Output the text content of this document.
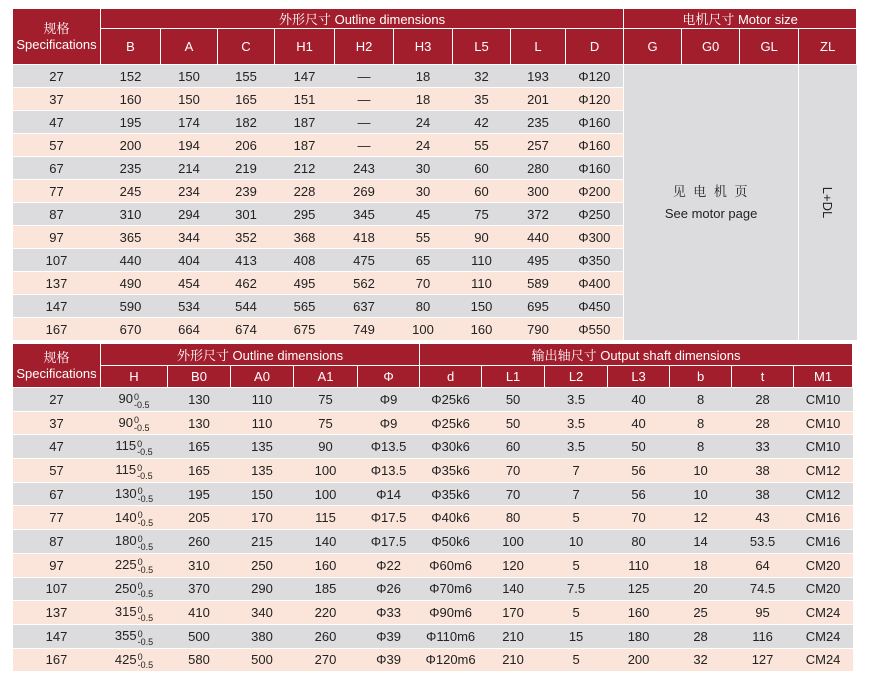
规格
Specifications	外形尺寸 Outline dimensions									电机尺寸 Motor size			
	B	A	C	H1	H2	H3	L5	L	D	G	G0	GL	ZL
27	152	150	155	147	—	18	32	193	Φ120	见 电 机 页
See motor page			L+DL
37	160	150	165	151	—	18	35	201	Φ120				
47	195	174	182	187	—	24	42	235	Φ160				
57	200	194	206	187	—	24	55	257	Φ160				
67	235	214	219	212	243	30	60	280	Φ160				
77	245	234	239	228	269	30	60	300	Φ200				
87	310	294	301	295	345	45	75	372	Φ250				
97	365	344	352	368	418	55	90	440	Φ300				
107	440	404	413	408	475	65	110	495	Φ350				
137	490	454	462	495	562	70	110	589	Φ400				
147	590	534	544	565	637	80	150	695	Φ450				
167	670	664	674	675	749	100	160	790	Φ550				
规格
Specifications	外形尺寸 Outline dimensions					输出轴尺寸 Output shaft dimensions						
	H	B0	A0	A1	Φ	d	L1	L2	L3	b	t	M1
27	90 0
-0.5	130	110	75	Φ9	Φ25k6	50	3.5	40	8	28	CM10
37	90 0
-0.5	130	110	75	Φ9	Φ25k6	50	3.5	40	8	28	CM10
47	115 0
-0.5	165	135	90	Φ13.5	Φ30k6	60	3.5	50	8	33	CM10
57	115 0
-0.5	165	135	100	Φ13.5	Φ35k6	70	7	56	10	38	CM12
67	130 0
-0.5	195	150	100	Φ14	Φ35k6	70	7	56	10	38	CM12
77	140 0
-0.5	205	170	115	Φ17.5	Φ40k6	80	5	70	12	43	CM16
87	180 0
-0.5	260	215	140	Φ17.5	Φ50k6	100	10	80	14	53.5	CM16
97	225 0
-0.5	310	250	160	Φ22	Φ60m6	120	5	110	18	64	CM20
107	250 0
-0.5	370	290	185	Φ26	Φ70m6	140	7.5	125	20	74.5	CM20
137	315 0
-0.5	410	340	220	Φ33	Φ90m6	170	5	160	25	95	CM24
147	355 0
-0.5	500	380	260	Φ39	Φ110m6	210	15	180	28	116	CM24
167	425 0
-0.5	580	500	270	Φ39	Φ120m6	210	5	200	32	127	CM24
